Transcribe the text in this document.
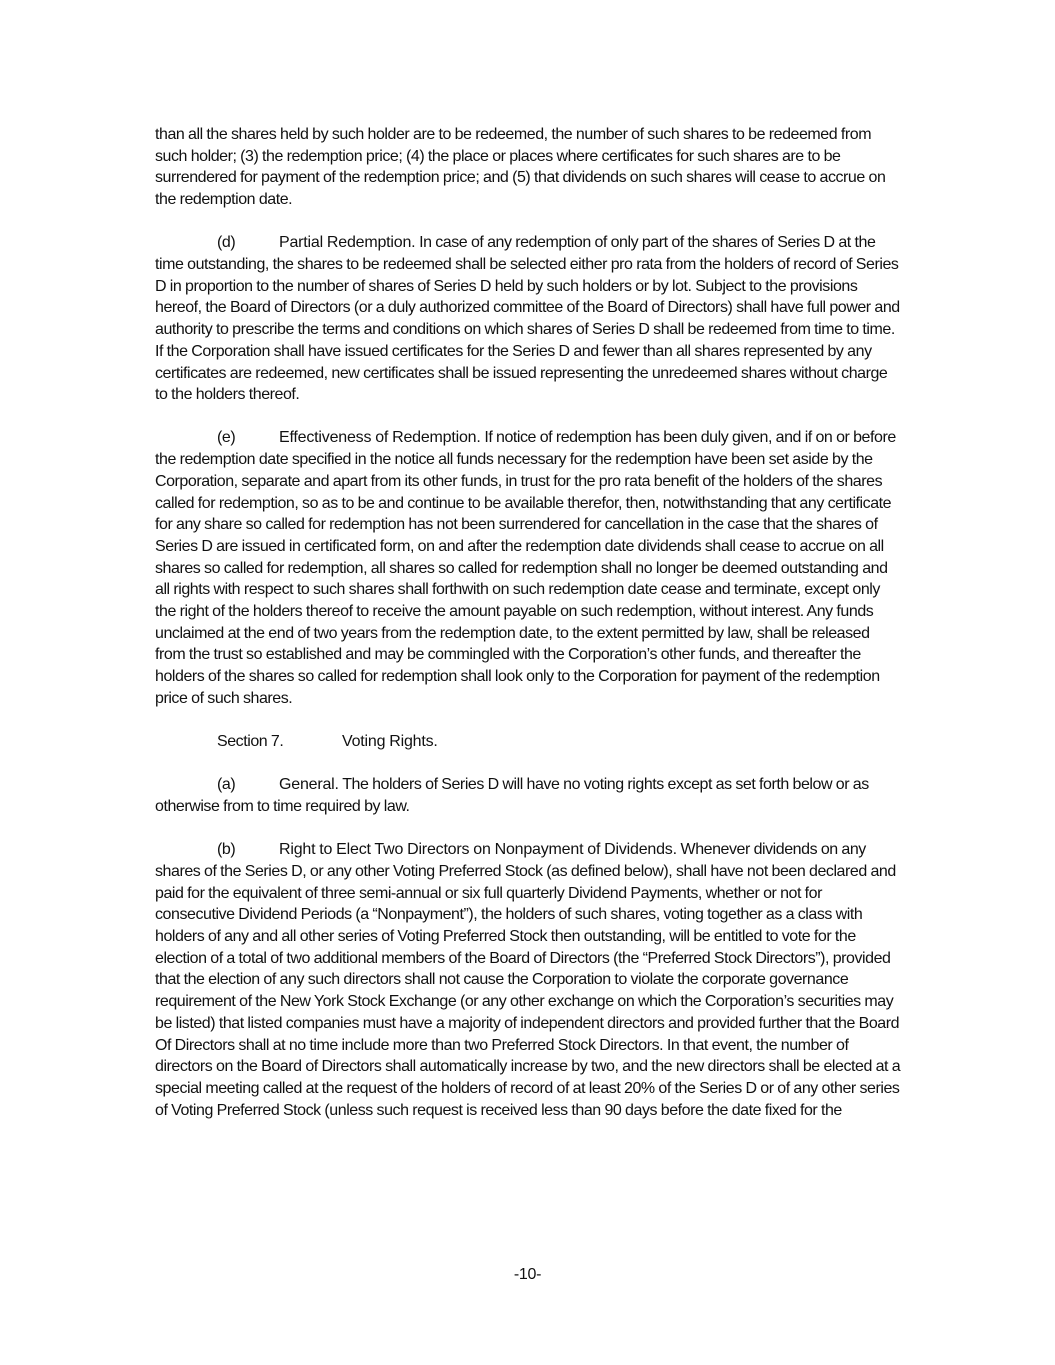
than all the shares held by such holder are to be redeemed, the number of such shares to be redeemed from such holder; (3) the redemption price; (4) the place or places where certificates for such shares are to be surrendered for payment of the redemption price; and (5) that dividends on such shares will cease to accrue on the redemption date.

(d)	Partial Redemption. In case of any redemption of only part of the shares of Series D at the time outstanding, the shares to be redeemed shall be selected either pro rata from the holders of record of Series D in proportion to the number of shares of Series D held by such holders or by lot. Subject to the provisions hereof, the Board of Directors (or a duly authorized committee of the Board of Directors) shall have full power and authority to prescribe the terms and conditions on which shares of Series D shall be redeemed from time to time. If the Corporation shall have issued certificates for the Series D and fewer than all shares represented by any certificates are redeemed, new certificates shall be issued representing the unredeemed shares without charge to the holders thereof.

(e)	Effectiveness of Redemption. If notice of redemption has been duly given, and if on or before the redemption date specified in the notice all funds necessary for the redemption have been set aside by the Corporation, separate and apart from its other funds, in trust for the pro rata benefit of the holders of the shares called for redemption, so as to be and continue to be available therefor, then, notwithstanding that any certificate for any share so called for redemption has not been surrendered for cancellation in the case that the shares of Series D are issued in certificated form, on and after the redemption date dividends shall cease to accrue on all shares so called for redemption, all shares so called for redemption shall no longer be deemed outstanding and all rights with respect to such shares shall forthwith on such redemption date cease and terminate, except only the right of the holders thereof to receive the amount payable on such redemption, without interest. Any funds unclaimed at the end of two years from the redemption date, to the extent permitted by law, shall be released from the trust so established and may be commingled with the Corporation’s other funds, and thereafter the holders of the shares so called for redemption shall look only to the Corporation for payment of the redemption price of such shares.

Section 7.	Voting Rights.

(a)	General. The holders of Series D will have no voting rights except as set forth below or as otherwise from to time required by law.

(b)	Right to Elect Two Directors on Nonpayment of Dividends. Whenever dividends on any shares of the Series D, or any other Voting Preferred Stock (as defined below), shall have not been declared and paid for the equivalent of three semi-annual or six full quarterly Dividend Payments, whether or not for consecutive Dividend Periods (a “Nonpayment”), the holders of such shares, voting together as a class with holders of any and all other series of Voting Preferred Stock then outstanding, will be entitled to vote for the election of a total of two additional members of the Board of Directors (the “Preferred Stock Directors”), provided that the election of any such directors shall not cause the Corporation to violate the corporate governance requirement of the New York Stock Exchange (or any other exchange on which the Corporation’s securities may be listed) that listed companies must have a majority of independent directors and provided further that the Board Of Directors shall at no time include more than two Preferred Stock Directors. In that event, the number of directors on the Board of Directors shall automatically increase by two, and the new directors shall be elected at a special meeting called at the request of the holders of record of at least 20% of the Series D or of any other series of Voting Preferred Stock (unless such request is received less than 90 days before the date fixed for the

-10-
